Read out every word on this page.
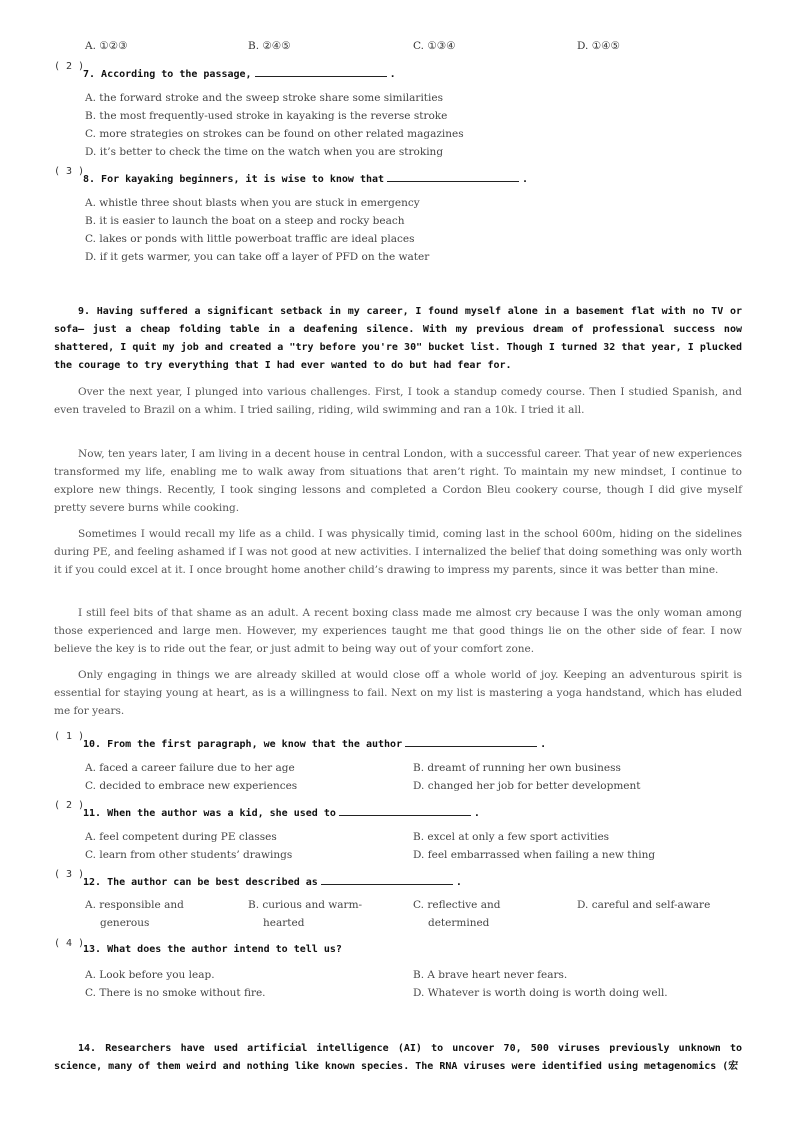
A. ①②③	B. ②④⑤	C. ①③④	D. ①④⑤
( 2 )
7. According to the passage,	.
A. the forward stroke and the sweep stroke share some similarities
B. the most frequently-used stroke in kayaking is the reverse stroke
C. more strategies on strokes can be found on other related magazines
D. it’s better to check the time on the watch when you are stroking
( 3 )
8. For kayaking beginners, it is wise to know that	.
A. whistle three shout blasts when you are stuck in emergency
B. it is easier to launch the boat on a steep and rocky beach
C. lakes or ponds with little powerboat traffic are ideal places
D. if it gets warmer, you can take off a layer of PFD on the water
9. Having suffered a significant setback in my career, I found myself alone in a basement flat with no TV or sofa— just a cheap folding table in a deafening silence. With my previous dream of professional success now shattered, I quit my job and created a "try before you're 30" bucket list. Though I turned 32 that year, I plucked the courage to try everything that I had ever wanted to do but had fear for.
Over the next year, I plunged into various challenges. First, I took a standup comedy course. Then I studied Spanish, and even traveled to Brazil on a whim. I tried sailing, riding, wild swimming and ran a 10k. I tried it all.
Now, ten years later, I am living in a decent house in central London, with a successful career. That year of new experiences transformed my life, enabling me to walk away from situations that aren’t right. To maintain my new mindset, I continue to explore new things. Recently, I took singing lessons and completed a Cordon Bleu cookery course, though I did give myself pretty severe burns while cooking.
Sometimes I would recall my life as a child. I was physically timid, coming last in the school 600m, hiding on the sidelines during PE, and feeling ashamed if I was not good at new activities. I internalized the belief that doing something was only worth it if you could excel at it. I once brought home another child’s drawing to impress my parents, since it was better than mine.
I still feel bits of that shame as an adult. A recent boxing class made me almost cry because I was the only woman among those experienced and large men. However, my experiences taught me that good things lie on the other side of fear. I now believe the key is to ride out the fear, or just admit to being way out of your comfort zone.
Only engaging in things we are already skilled at would close off a whole world of joy. Keeping an adventurous spirit is essential for staying young at heart, as is a willingness to fail. Next on my list is mastering a yoga handstand, which has eluded me for years.
( 1 )
10. From the first paragraph, we know that the author	.
A. faced a career failure due to her age	B. dreamt of running her own business
C. decided to embrace new experiences	D. changed her job for better development
( 2 )
11. When the author was a kid, she used to	.
A. feel competent during PE classes	B. excel at only a few sport activities
C. learn from other students’ drawings	D. feel embarrassed when failing a new thing
( 3 )
12. The author can be best described as	.
A. responsible and
generous
B. curious and warm-
hearted
C. reflective and
determined
D. careful and self-aware
( 4 )
13. What does the author intend to tell us?
A. Look before you leap.	B. A brave heart never fears.
C. There is no smoke without fire.	D. Whatever is worth doing is worth doing well.
14. Researchers have used artificial intelligence (AI) to uncover 70, 500 viruses previously unknown to science, many of them weird and nothing like known species. The RNA viruses were identified using metagenomics (宏
